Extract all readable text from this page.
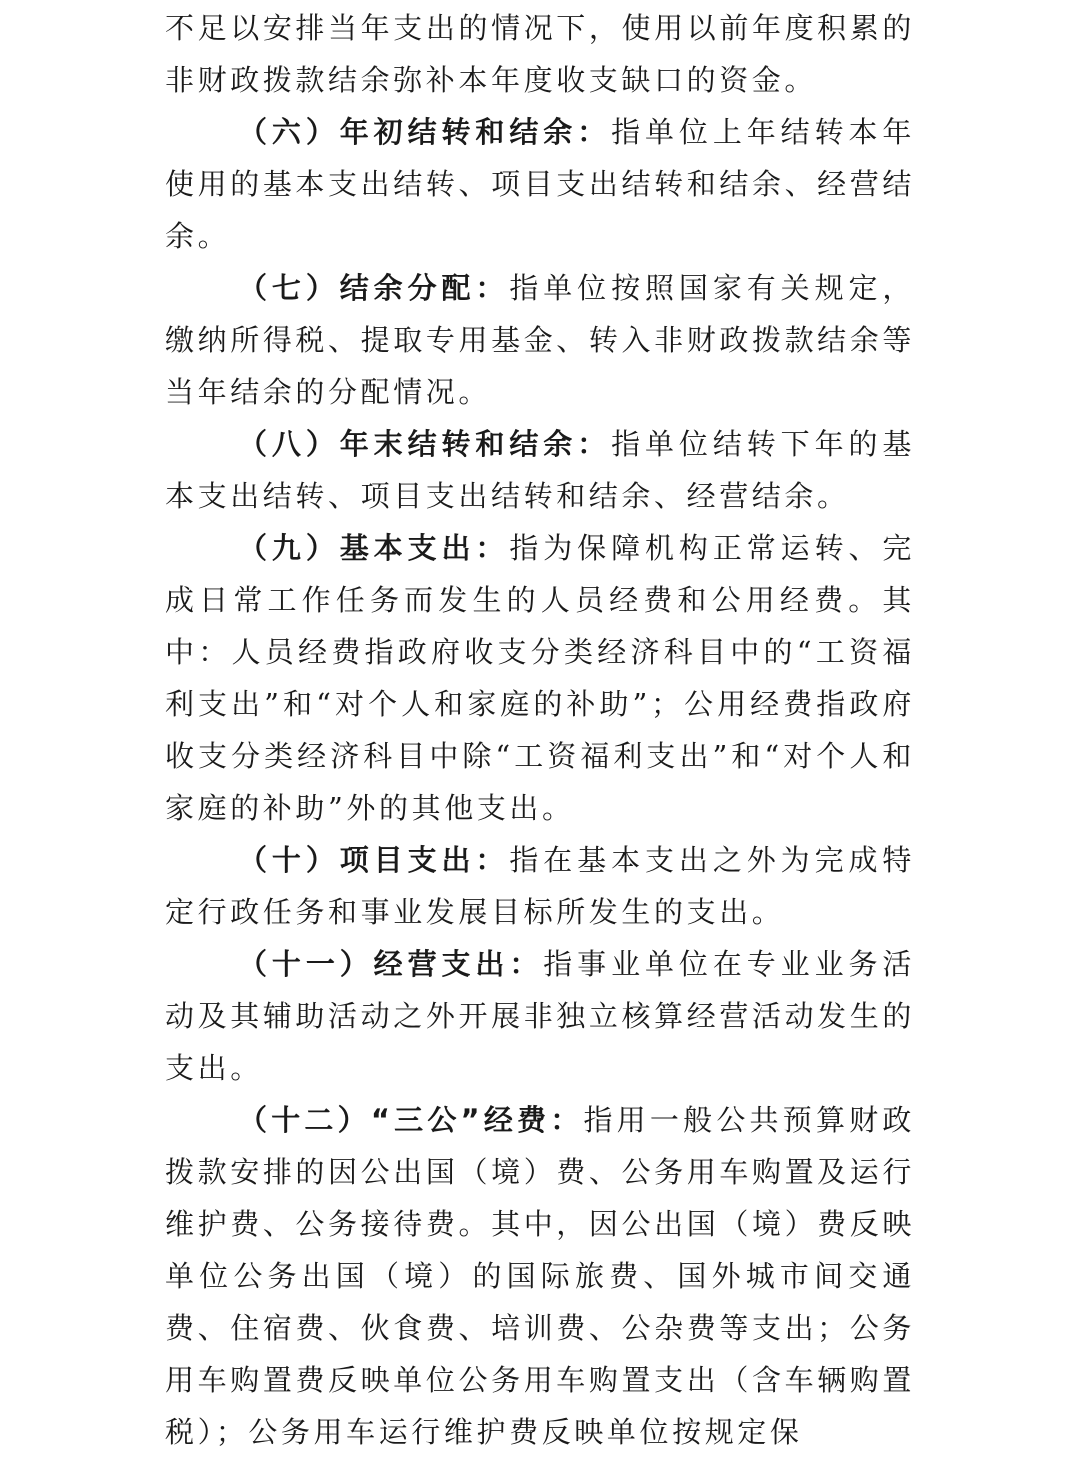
不足以安排当年支出的情况下，使用以前年度积累的非财政拨款结余弥补本年度收支缺口的资金。

（六）年初结转和结余：指单位上年结转本年使用的基本支出结转、项目支出结转和结余、经营结余。

（七）结余分配：指单位按照国家有关规定，缴纳所得税、提取专用基金、转入非财政拨款结余等当年结余的分配情况。

（八）年末结转和结余：指单位结转下年的基本支出结转、项目支出结转和结余、经营结余。

（九）基本支出：指为保障机构正常运转、完成日常工作任务而发生的人员经费和公用经费。其中：人员经费指政府收支分类经济科目中的“工资福利支出”和“对个人和家庭的补助”；公用经费指政府收支分类经济科目中除“工资福利支出”和“对个人和家庭的补助”外的其他支出。

（十）项目支出：指在基本支出之外为完成特定行政任务和事业发展目标所发生的支出。

（十一）经营支出：指事业单位在专业业务活动及其辅助活动之外开展非独立核算经营活动发生的支出。

（十二）“三公”经费：指用一般公共预算财政拨款安排的因公出国（境）费、公务用车购置及运行维护费、公务接待费。其中，因公出国（境）费反映单位公务出国（境）的国际旅费、国外城市间交通费、住宿费、伙食费、培训费、公杂费等支出；公务用车购置费反映单位公务用车购置支出（含车辆购置税）；公务用车运行维护费反映单位按规定保
